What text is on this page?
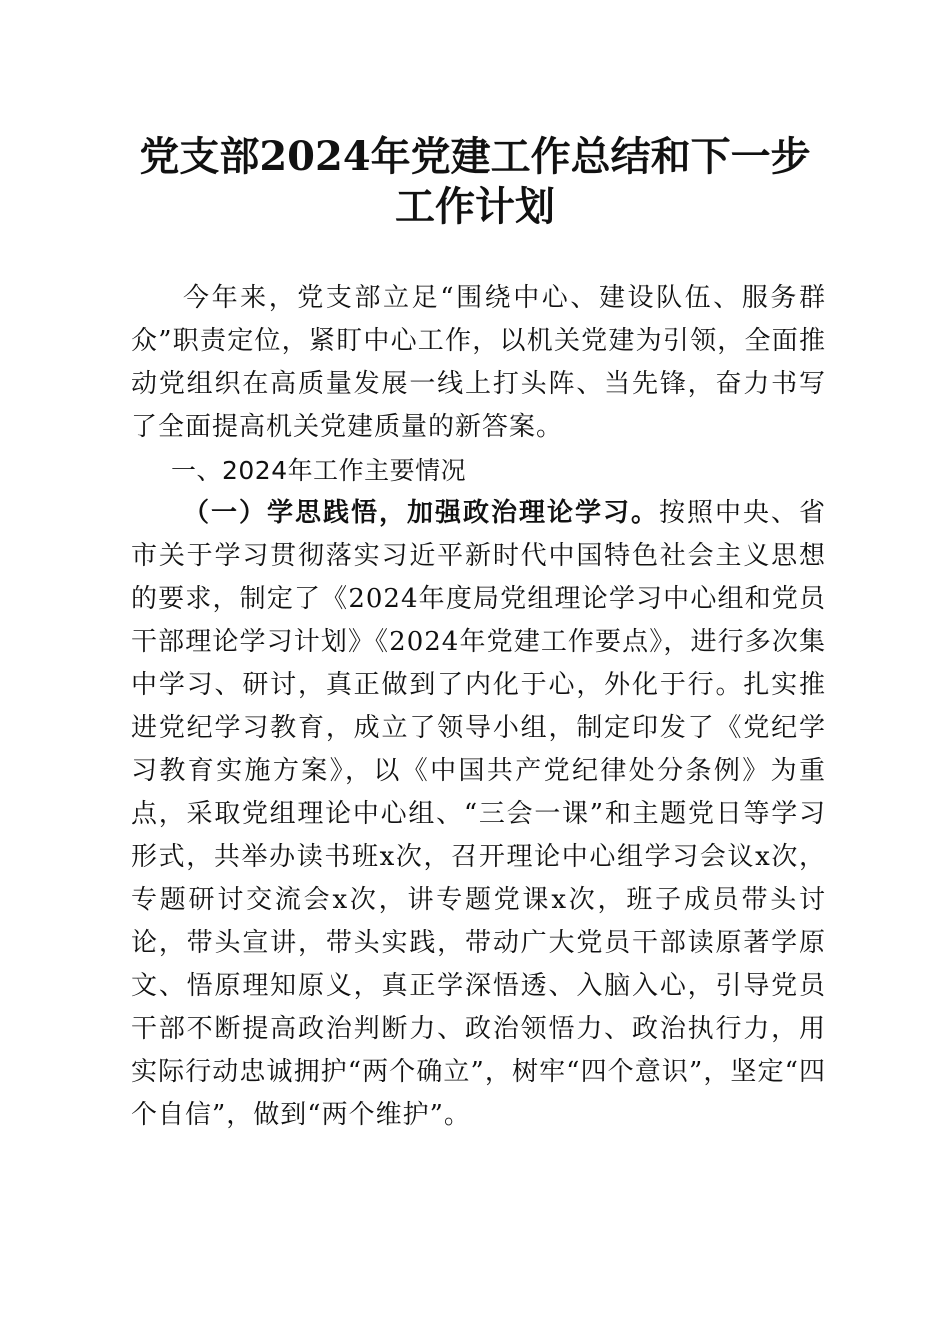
党支部2024年党建工作总结和下一步工作计划

今年来，党支部立足“围绕中心、建设队伍、服务群众”职责定位，紧盯中心工作，以机关党建为引领，全面推动党组织在高质量发展一线上打头阵、当先锋，奋力书写了全面提高机关党建质量的新答案。

一、2024年工作主要情况

（一）学思践悟，加强政治理论学习。按照中央、省市关于学习贯彻落实习近平新时代中国特色社会主义思想的要求，制定了《2024年度局党组理论学习中心组和党员干部理论学习计划》《2024年党建工作要点》，进行多次集中学习、研讨，真正做到了内化于心，外化于行。扎实推进党纪学习教育，成立了领导小组，制定印发了《党纪学习教育实施方案》，以《中国共产党纪律处分条例》为重点，采取党组理论中心组、“三会一课”和主题党日等学习形式，共举办读书班x次，召开理论中心组学习会议x次，专题研讨交流会x次，讲专题党课x次，班子成员带头讨论，带头宣讲，带头实践，带动广大党员干部读原著学原文、悟原理知原义，真正学深悟透、入脑入心，引导党员干部不断提高政治判断力、政治领悟力、政治执行力，用实际行动忠诚拥护“两个确立”，树牢“四个意识”，坚定“四个自信”，做到“两个维护”。
